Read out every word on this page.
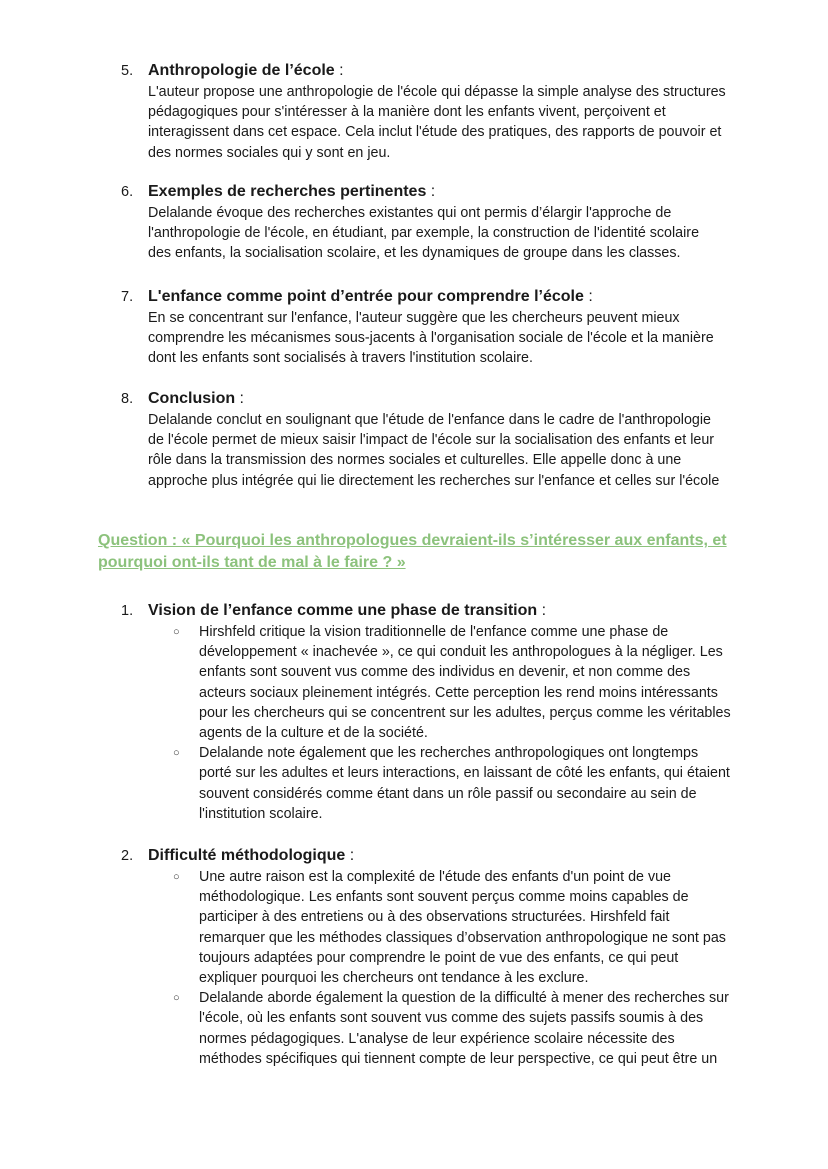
Question : « Pourquoi les anthropologues devraient-ils s’intéresser aux enfants, et
pourquoi ont-ils tant de mal à le faire ? »
5. Anthropologie de l’école :
L'auteur propose une anthropologie de l'école qui dépasse la simple analyse des structures
pédagogiques pour s'intéresser à la manière dont les enfants vivent, perçoivent et
interagissent dans cet espace. Cela inclut l'étude des pratiques, des rapports de pouvoir et
des normes sociales qui y sont en jeu.
6. Exemples de recherches pertinentes :
Delalande évoque des recherches existantes qui ont permis d’élargir l'approche de
l'anthropologie de l'école, en étudiant, par exemple, la construction de l'identité scolaire
des enfants, la socialisation scolaire, et les dynamiques de groupe dans les classes.
7. L'enfance comme point d’entrée pour comprendre l’école :
En se concentrant sur l'enfance, l'auteur suggère que les chercheurs peuvent mieux
comprendre les mécanismes sous-jacents à l'organisation sociale de l'école et la manière
dont les enfants sont socialisés à travers l'institution scolaire.
8. Conclusion :
Delalande conclut en soulignant que l'étude de l'enfance dans le cadre de l'anthropologie
de l'école permet de mieux saisir l'impact de l'école sur la socialisation des enfants et leur
rôle dans la transmission des normes sociales et culturelles. Elle appelle donc à une
approche plus intégrée qui lie directement les recherches sur l'enfance et celles sur l'école
1. Vision de l’enfance comme une phase de transition :
○ Hirshfeld critique la vision traditionnelle de l'enfance comme une phase de
développement « inachevée », ce qui conduit les anthropologues à la négliger. Les
enfants sont souvent vus comme des individus en devenir, et non comme des
acteurs sociaux pleinement intégrés. Cette perception les rend moins intéressants
pour les chercheurs qui se concentrent sur les adultes, perçus comme les véritables
agents de la culture et de la société.
○ Delalande note également que les recherches anthropologiques ont longtemps
porté sur les adultes et leurs interactions, en laissant de côté les enfants, qui étaient
souvent considérés comme étant dans un rôle passif ou secondaire au sein de
l'institution scolaire.
2. Difficulté méthodologique :
○ Une autre raison est la complexité de l'étude des enfants d'un point de vue
méthodologique. Les enfants sont souvent perçus comme moins capables de
participer à des entretiens ou à des observations structurées. Hirshfeld fait
remarquer que les méthodes classiques d’observation anthropologique ne sont pas
toujours adaptées pour comprendre le point de vue des enfants, ce qui peut
expliquer pourquoi les chercheurs ont tendance à les exclure.
○ Delalande aborde également la question de la difficulté à mener des recherches sur
l'école, où les enfants sont souvent vus comme des sujets passifs soumis à des
normes pédagogiques. L'analyse de leur expérience scolaire nécessite des
méthodes spécifiques qui tiennent compte de leur perspective, ce qui peut être un
